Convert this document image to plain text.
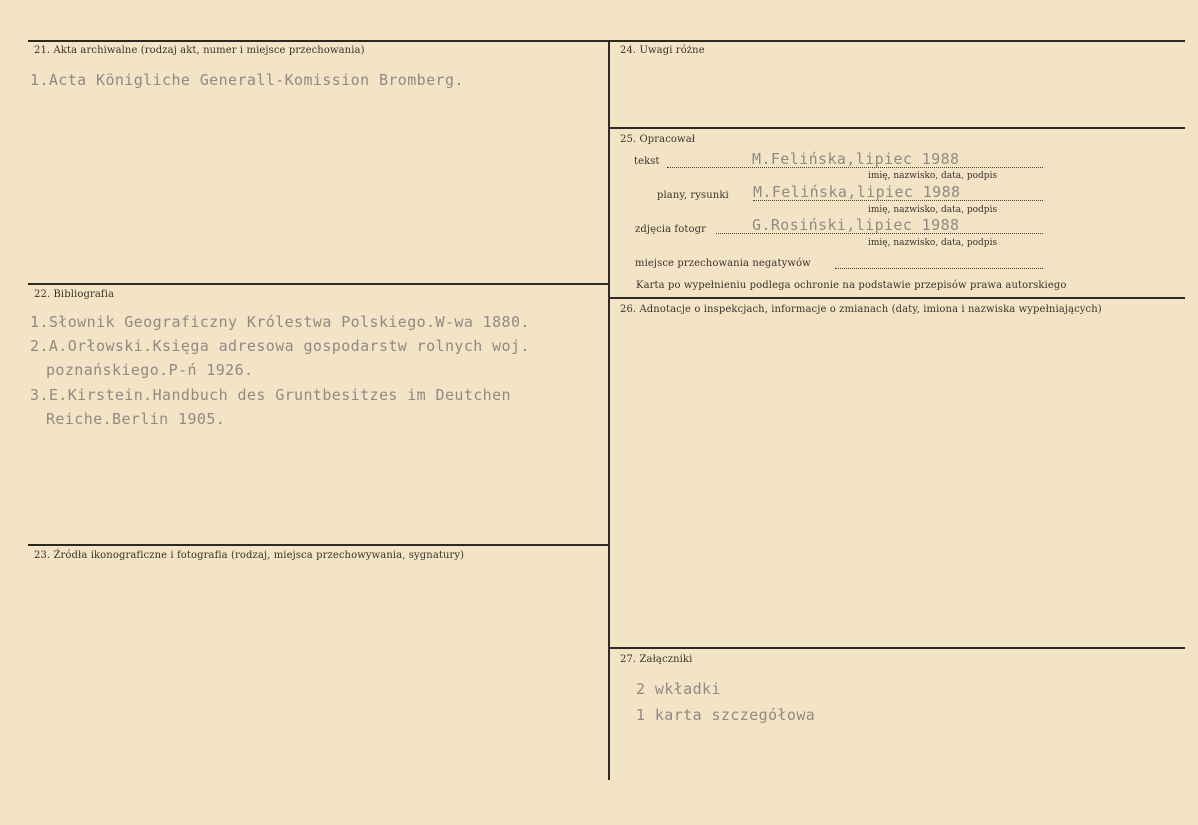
21. Akta archiwalne (rodzaj akt, numer i miejsce przechowania)
1.Acta Königliche Generall-Komission Bromberg.
22. Bibliografia
1.Słownik Geograficzny Królestwa Polskiego.W-wa 1880.
2.A.Orłowski.Księga adresowa gospodarstw rolnych woj.
poznańskiego.P-ń 1926.
3.E.Kirstein.Handbuch des Gruntbesitzes im Deutchen
Reiche.Berlin 1905.
23. Źródła ikonograficzne i fotografia (rodzaj, miejsca przechowywania, sygnatury)
24. Uwagi różne
25. Opracował
tekst	M.Felińska,lipiec 1988
imię, nazwisko, data, podpis
plany, rysunki M.Felińska,lipiec 1988
imię, nazwisko, data, podpis
zdjęcia fotogr	G.Rosiński,lipiec 1988
imię, nazwisko, data, podpis
miejsce przechowania negatywów
Karta po wypełnieniu podlega ochronie na podstawie przepisów prawa autorskiego
26. Adnotacje o inspekcjach, informacje o zmianach (daty, imiona i nazwiska wypełniających)
27. Załączniki
2 wkładki
1 karta szczegółowa
